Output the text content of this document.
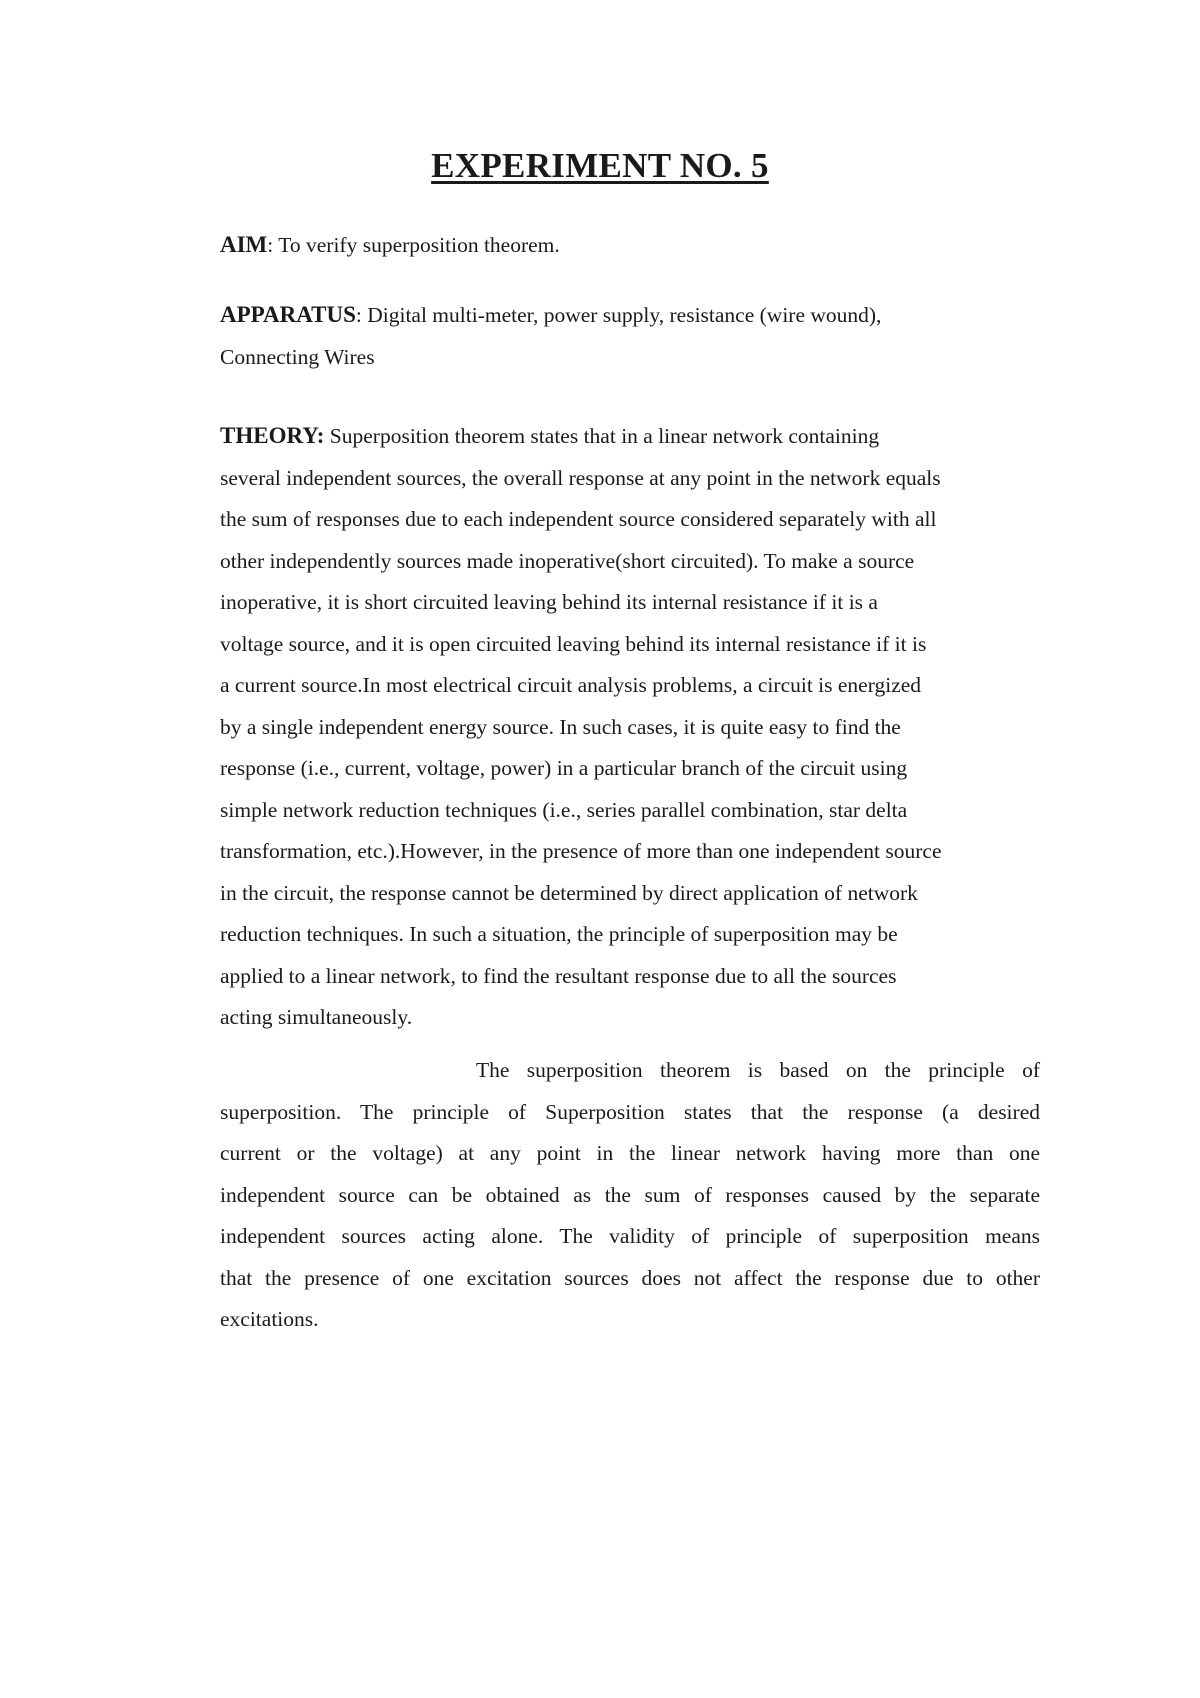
EXPERIMENT NO. 5
AIM: To verify superposition theorem.
APPARATUS: Digital multi-meter, power supply, resistance (wire wound),
Connecting Wires
THEORY: Superposition theorem states that in a linear network containing
several independent sources, the overall response at any point in the network equals
the sum of responses due to each independent source considered separately with all
other independently sources made inoperative(short circuited). To make a source
inoperative, it is short circuited leaving behind its internal resistance if it is a
voltage source, and it is open circuited leaving behind its internal resistance if it is
a current source.In most electrical circuit analysis problems, a circuit is energized
by a single independent energy source. In such cases, it is quite easy to find the
response (i.e., current, voltage, power) in a particular branch of the circuit using
simple network reduction techniques (i.e., series parallel combination, star delta
transformation, etc.).However, in the presence of more than one independent source
in the circuit, the response cannot be determined by direct application of network
reduction techniques. In such a situation, the principle of superposition may be
applied to a linear network, to find the resultant response due to all the sources
acting simultaneously.
The superposition theorem is based on the principle of
superposition. The principle of Superposition states that the response (a desired
current or the voltage) at any point in the linear network having more than one
independent source can be obtained as the sum of responses caused by the separate
independent sources acting alone. The validity of principle of superposition means
that the presence of one excitation sources does not affect the response due to other
excitations.
